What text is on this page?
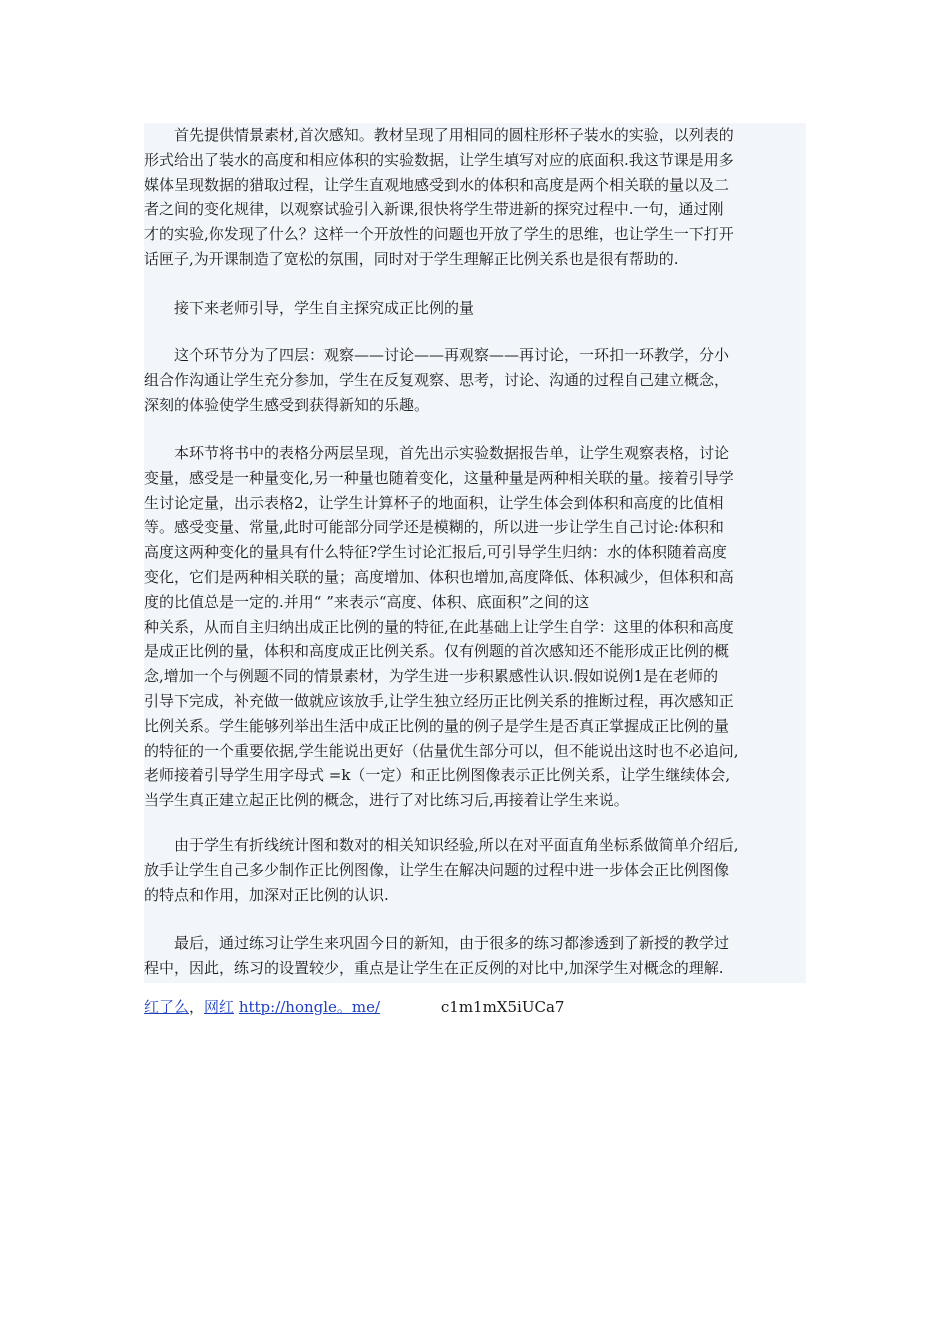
　　首先提供情景素材,首次感知。教材呈现了用相同的圆柱形杯子装水的实验，以列表的
形式给出了装水的高度和相应体积的实验数据，让学生填写对应的底面积.我这节课是用多
媒体呈现数据的猎取过程，让学生直观地感受到水的体积和高度是两个相关联的量以及二
者之间的变化规律，以观察试验引入新课,很快将学生带进新的探究过程中.一句，通过刚
才的实验,你发现了什么？这样一个开放性的问题也开放了学生的思维，也让学生一下打开
话匣子,为开课制造了宽松的氛围，同时对于学生理解正比例关系也是很有帮助的.

　　接下来老师引导，学生自主探究成正比例的量

　　这个环节分为了四层：观察——讨论——再观察——再讨论，一环扣一环教学，分小
组合作沟通让学生充分参加，学生在反复观察、思考，讨论、沟通的过程自己建立概念，
深刻的体验使学生感受到获得新知的乐趣。

　　本环节将书中的表格分两层呈现，首先出示实验数据报告单，让学生观察表格，讨论
变量，感受是一种量变化,另一种量也随着变化，这量种量是两种相关联的量。接着引导学
生讨论定量，出示表格2，让学生计算杯子的地面积，让学生体会到体积和高度的比值相
等。感受变量、常量,此时可能部分同学还是模糊的，所以进一步让学生自己讨论:体积和
高度这两种变化的量具有什么特征?学生讨论汇报后,可引导学生归纳：水的体积随着高度
变化，它们是两种相关联的量；高度增加、体积也增加,高度降低、体积减少，但体积和高
度的比值总是一定的.并用“ ”来表示“高度、体积、底面积”之间的这
种关系，从而自主归纳出成正比例的量的特征,在此基础上让学生自学：这里的体积和高度
是成正比例的量，体积和高度成正比例关系。仅有例题的首次感知还不能形成正比例的概
念,增加一个与例题不同的情景素材，为学生进一步积累感性认识.假如说例1是在老师的
引导下完成，补充做一做就应该放手,让学生独立经历正比例关系的推断过程，再次感知正
比例关系。学生能够列举出生活中成正比例的量的例子是学生是否真正掌握成正比例的量
的特征的一个重要依据,学生能说出更好（估量优生部分可以，但不能说出这时也不必追问,
老师接着引导学生用字母式 =k（一定）和正比例图像表示正比例关系，让学生继续体会,
当学生真正建立起正比例的概念，进行了对比练习后,再接着让学生来说。

　　由于学生有折线统计图和数对的相关知识经验,所以在对平面直角坐标系做简单介绍后,
放手让学生自己多少制作正比例图像，让学生在解决问题的过程中进一步体会正比例图像
的特点和作用，加深对正比例的认识.

　　最后，通过练习让学生来巩固今日的新知，由于很多的练习都渗透到了新授的教学过
程中，因此，练习的设置较少，重点是让学生在正反例的对比中,加深学生对概念的理解.

红了么，网红 http://hongle。me/	c1m1mX5iUCa7
